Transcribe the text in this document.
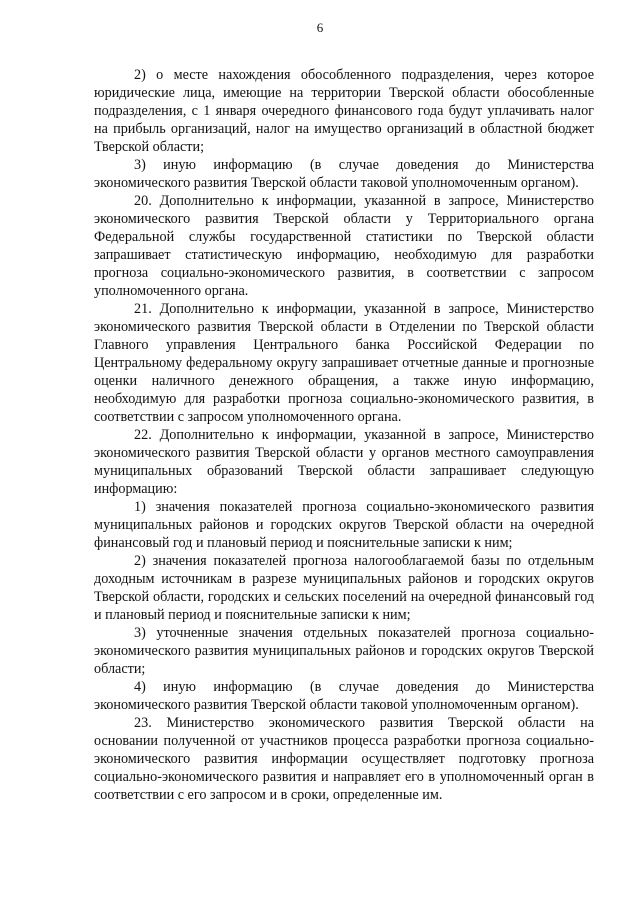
6

2) о месте нахождения обособленного подразделения, через которое юридические лица, имеющие на территории Тверской области обособленные подразделения, с 1 января очередного финансового года будут уплачивать налог на прибыль организаций, налог на имущество организаций в областной бюджет Тверской области;

3) иную информацию (в случае доведения до Министерства экономического развития Тверской области таковой уполномоченным органом).

20. Дополнительно к информации, указанной в запросе, Министерство экономического развития Тверской области у Территориального органа Федеральной службы государственной статистики по Тверской области запрашивает статистическую информацию, необходимую для разработки прогноза социально-экономического развития, в соответствии с запросом уполномоченного органа.

21. Дополнительно к информации, указанной в запросе, Министерство экономического развития Тверской области в Отделении по Тверской области Главного управления Центрального банка Российской Федерации по Центральному федеральному округу запрашивает отчетные данные и прогнозные оценки наличного денежного обращения, а также иную информацию, необходимую для разработки прогноза социально-экономического развития, в соответствии с запросом уполномоченного органа.

22. Дополнительно к информации, указанной в запросе, Министерство экономического развития Тверской области у органов местного самоуправления муниципальных образований Тверской области запрашивает следующую информацию:

1) значения показателей прогноза социально-экономического развития муниципальных районов и городских округов Тверской области на очередной финансовый год и плановый период и пояснительные записки к ним;

2) значения показателей прогноза налогооблагаемой базы по отдельным доходным источникам в разрезе муниципальных районов и городских округов Тверской области, городских и сельских поселений на очередной финансовый год и плановый период и пояснительные записки к ним;

3) уточненные значения отдельных показателей прогноза социально-экономического развития муниципальных районов и городских округов Тверской области;

4) иную информацию (в случае доведения до Министерства экономического развития Тверской области таковой уполномоченным органом).

23. Министерство экономического развития Тверской области на основании полученной от участников процесса разработки прогноза социально-экономического развития информации осуществляет подготовку прогноза социально-экономического развития и направляет его в уполномоченный орган в соответствии с его запросом и в сроки, определенные им.
